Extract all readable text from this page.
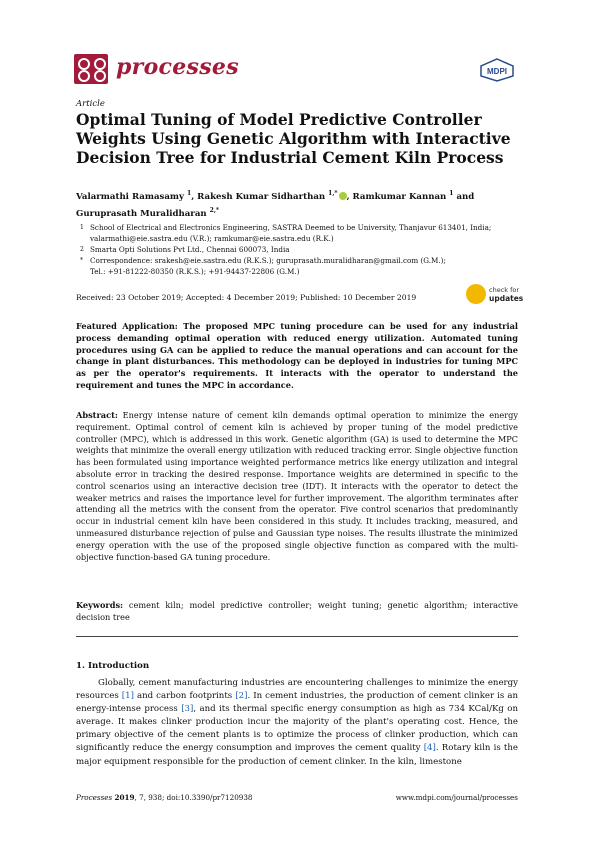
processes	MDPI
Article
Optimal Tuning of Model Predictive Controller Weights Using Genetic Algorithm with Interactive Decision Tree for Industrial Cement Kiln Process
Valarmathi Ramasamy $^1$, Rakesh Kumar Sidharthan $^{1,*}$ , Ramkumar Kannan $^1$ and
Guruprasath Muralidharan $^{2,*}$
1 School of Electrical and Electronics Engineering, SASTRA Deemed to be University, Thanjavur 613401, India;
valarmathi@eie.sastra.edu (V.R.); ramkumar@eie.sastra.edu (R.K.)
2 Smarta Opti Solutions Pvt Ltd., Chennai 600073, India
* Correspondence: srakesh@eie.sastra.edu (R.K.S.); guruprasath.muralidharan@gmail.com (G.M.);
Tel.: +91-81222-80350 (R.K.S.); +91-94437-22806 (G.M.)
Received: 23 October 2019; Accepted: 4 December 2019; Published: 10 December 2019
check for
updates
Featured Application: The proposed MPC tuning procedure can be used for any industrial process demanding optimal operation with reduced energy utilization. Automated tuning procedures using GA can be applied to reduce the manual operations and can account for the change in plant disturbances. This methodology can be deployed in industries for tuning MPC as per the operator's requirements. It interacts with the operator to understand the requirement and tunes the MPC in accordance.
Abstract: Energy intense nature of cement kiln demands optimal operation to minimize the energy requirement. Optimal control of cement kiln is achieved by proper tuning of the model predictive controller (MPC), which is addressed in this work. Genetic algorithm (GA) is used to determine the MPC weights that minimize the overall energy utilization with reduced tracking error. Single objective function has been formulated using importance weighted performance metrics like energy utilization and integral absolute error in tracking the desired response. Importance weights are determined in specific to the control scenarios using an interactive decision tree (IDT). It interacts with the operator to detect the weaker metrics and raises the importance level for further improvement. The algorithm terminates after attending all the metrics with the consent from the operator. Five control scenarios that predominantly occur in industrial cement kiln have been considered in this study. It includes tracking, measured, and unmeasured disturbance rejection of pulse and Gaussian type noises. The results illustrate the minimized energy operation with the use of the proposed single objective function as compared with the multi-objective function-based GA tuning procedure.
Keywords: cement kiln; model predictive controller; weight tuning; genetic algorithm; interactive decision tree
1. Introduction
Globally, cement manufacturing industries are encountering challenges to minimize the energy resources [1] and carbon footprints [2]. In cement industries, the production of cement clinker is an energy-intense process [3], and its thermal specific energy consumption as high as 734 KCal/Kg on average. It makes clinker production incur the majority of the plant's operating cost. Hence, the primary objective of the cement plants is to optimize the process of clinker production, which can significantly reduce the energy consumption and improves the cement quality [4]. Rotary kiln is the major equipment responsible for the production of cement clinker. In the kiln, limestone
Processes 2019, 7, 938; doi:10.3390/pr7120938	www.mdpi.com/journal/processes
